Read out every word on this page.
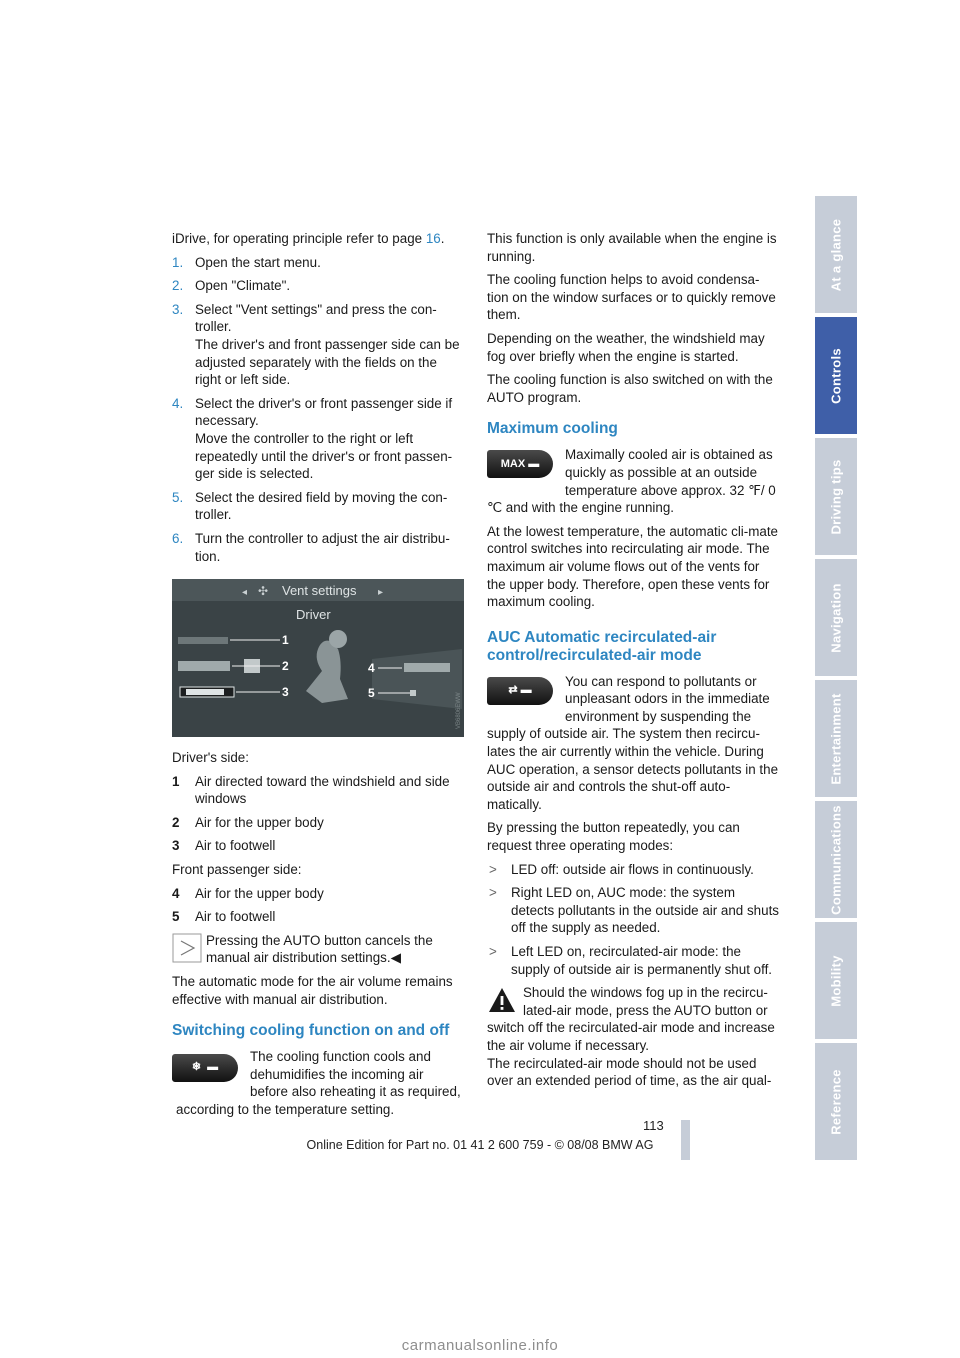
iDrive, for operating principle refer to page 16.

1. Open the start menu.
2. Open "Climate".
3. Select "Vent settings" and press the con-troller.
The driver's and front passenger side can be adjusted separately with the fields on the right or left side.
4. Select the driver's or front passenger side if necessary.
Move the controller to the right or left repeatedly until the driver's or front passen-ger side is selected.
5. Select the desired field by moving the con-troller.
6. Turn the controller to adjust the air distribu-tion.
◂ ✣ Vent settings ▸
Driver
1
2
3
4
5	VB6806EWW

Driver's side:

1	Air directed toward the windshield and side windows
2	Air for the upper body
3	Air to footwell

Front passenger side:

4	Air for the upper body
5	Air to footwell
Pressing the AUTO button cancels the manual air distribution settings.◀

The automatic mode for the air volume remains effective with manual air distribution.

Switching cooling function on and off
❄  ▬

The cooling function cools and dehumidifies the incoming air before also reheating it as required, according to the temperature setting.

This function is only available when the engine is running.

The cooling function helps to avoid condensa-tion on the window surfaces or to quickly remove them.

Depending on the weather, the windshield may fog over briefly when the engine is started.

The cooling function is also switched on with the AUTO program.

Maximum cooling
MAX ▬

Maximally cooled air is obtained as quickly as possible at an outside temperature above approx. 32 ℉/ 0 ℃ and with the engine running.

At the lowest temperature, the automatic cli-mate control switches into recirculating air mode. The maximum air volume flows out of the vents for the upper body. Therefore, open these vents for maximum cooling.

AUC Automatic recirculated-air control/recirculated-air mode
⇄ ▬

You can respond to pollutants or unpleasant odors in the immediate environment by suspending the supply of outside air. The system then recircu-lates the air currently within the vehicle. During AUC operation, a sensor detects pollutants in the outside air and controls the shut-off auto-matically.

By pressing the button repeatedly, you can request three operating modes:

>	LED off: outside air flows in continuously.
>	Right LED on, AUC mode: the system detects pollutants in the outside air and shuts off the supply as needed.
>	Left LED on, recirculated-air mode: the supply of outside air is permanently shut off.

Should the windows fog up in the recircu-lated-air mode, press the AUTO button or switch off the recirculated-air mode and increase the air volume if necessary.
The recirculated-air mode should not be used over an extended period of time, as the air qual-

At a glance
Controls
Driving tips
Navigation
Entertainment
Communications
Mobility
Reference
113
Online Edition for Part no. 01 41 2 600 759 - © 08/08 BMW AG
carmanualsonline.info
